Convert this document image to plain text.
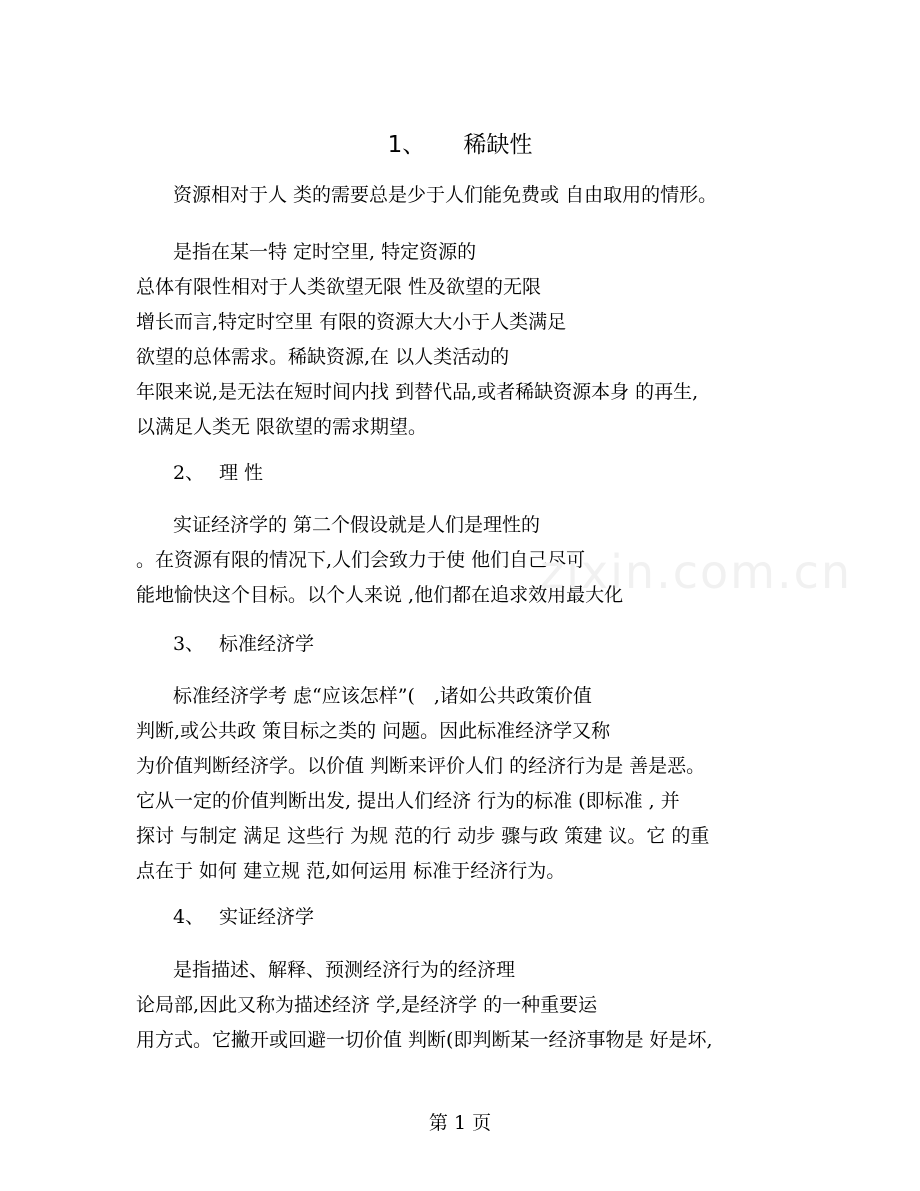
1、 稀缺性
资源相对于人 类的需要总是少于人们能免费或 自由取用的情形。
是指在某一特 定时空里, 特定资源的
总体有限性相对于人类欲望无限 性及欲望的无限
增长而言,特定时空里 有限的资源大大小于人类满足
欲望的总体需求。稀缺资源,在 以人类活动的
年限来说,是无法在短时间内找 到替代品,或者稀缺资源本身 的再生,
以满足人类无 限欲望的需求期望。
2、 理 性
实证经济学的 第二个假设就是人们是理性的
。在资源有限的情况下,人们会致力于使 他们自己尽可
能地愉快这个目标。以个人来说 ,他们都在追求效用最大化
zixin.com.cn
3、 标准经济学
标准经济学考 虑“应该怎样”(　,诸如公共政策价值
判断,或公共政 策目标之类的 问题。因此标准经济学又称
为价值判断经济学。以价值 判断来评价人们 的经济行为是 善是恶。
它从一定的价值判断出发, 提出人们经济 行为的标准 (即标准 , 并
探讨 与制定 满足 这些行 为规 范的行 动步 骤与政 策建 议。它 的重
点在于 如何 建立规 范,如何运用 标准于经济行为。
4、 实证经济学
是指描述、解释、预测经济行为的经济理
论局部,因此又称为描述经济 学,是经济学 的一种重要运
用方式。它撇开或回避一切价值 判断(即判断某一经济事物是 好是坏,
第 1 页
